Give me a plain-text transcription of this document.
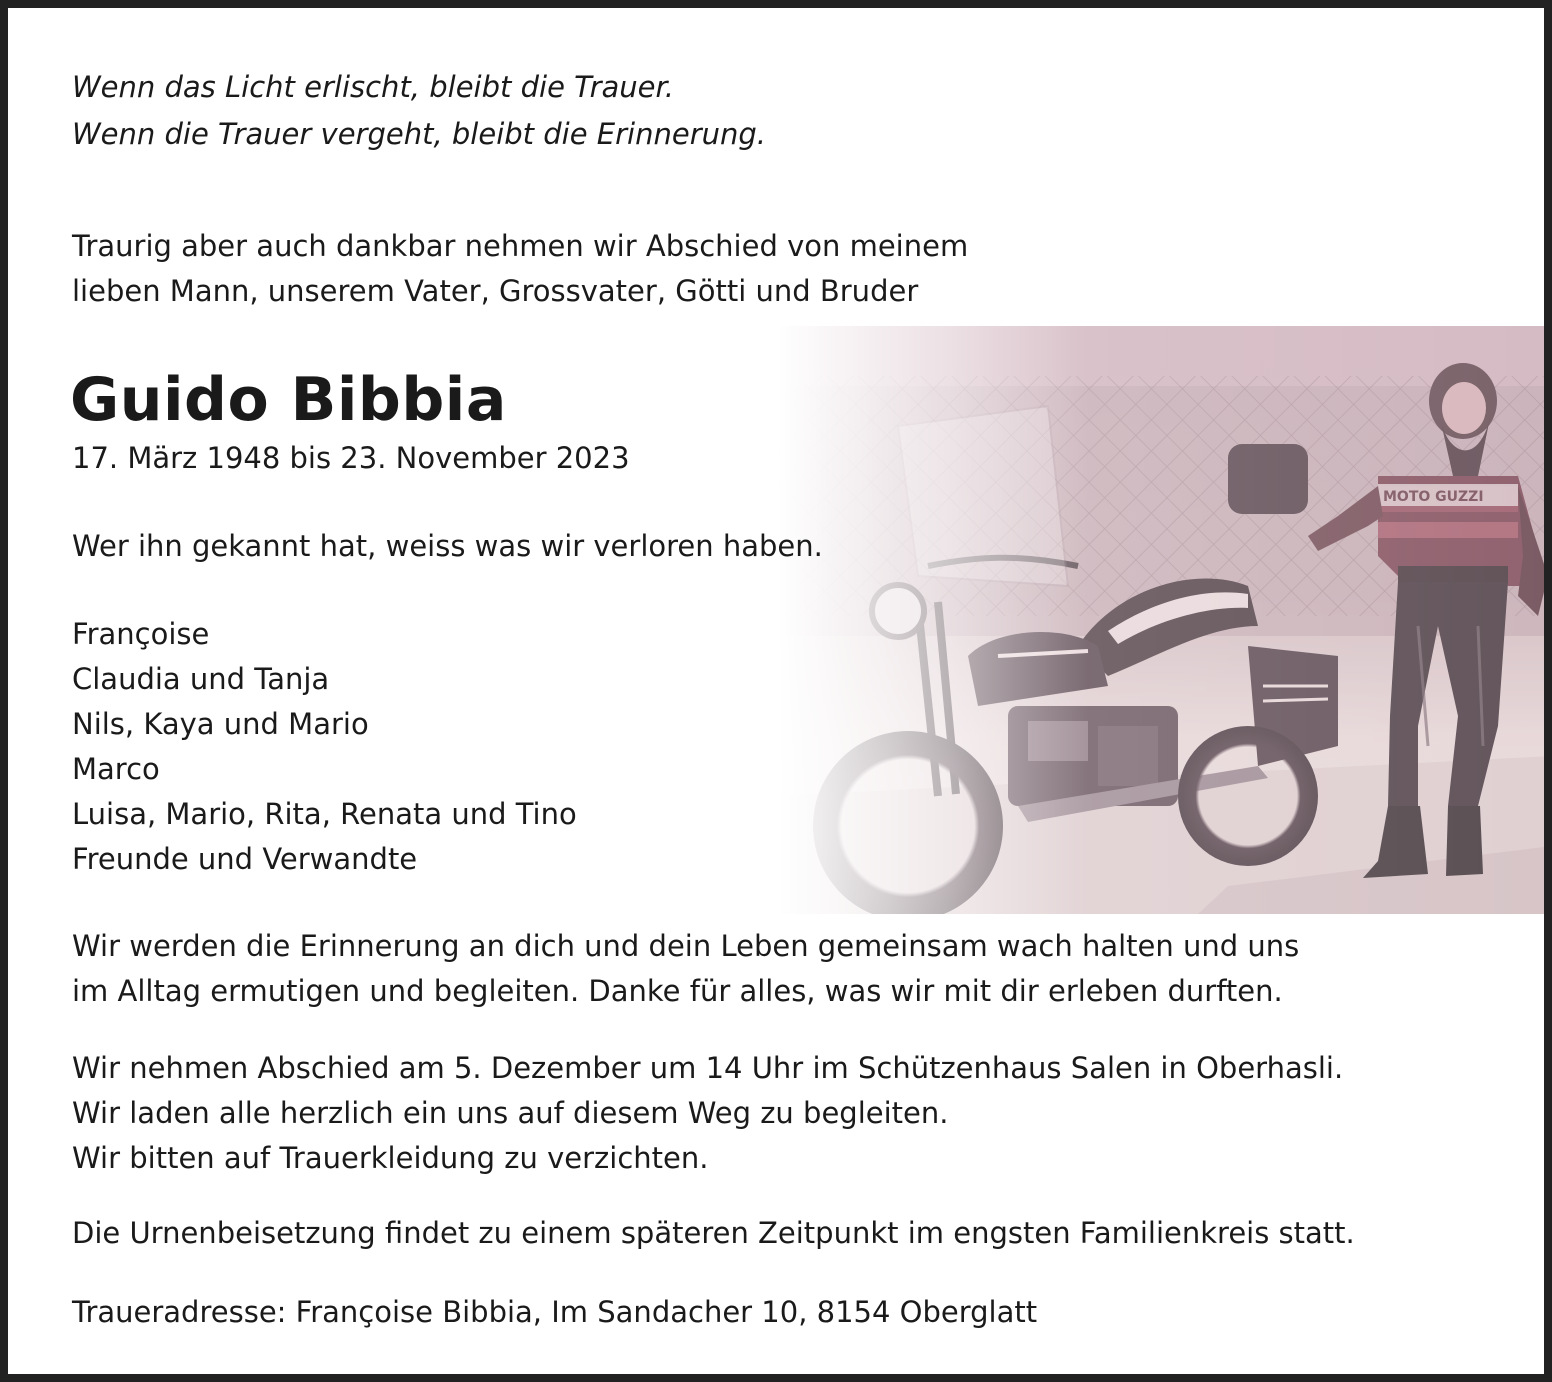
Wenn das Licht erlischt, bleibt die Trauer.
Wenn die Trauer vergeht, bleibt die Erinnerung.
Traurig aber auch dankbar nehmen wir Abschied von meinem
lieben Mann, unserem Vater, Grossvater, Götti und Bruder
Guido Bibbia
17. März 1948 bis 23. November 2023
Wer ihn gekannt hat, weiss was wir verloren haben.
Françoise
Claudia und Tanja
Nils, Kaya und Mario
Marco
Luisa, Mario, Rita, Renata und Tino
Freunde und Verwandte
Wir werden die Erinnerung an dich und dein Leben gemeinsam wach halten und uns
im Alltag ermutigen und begleiten. Danke für alles, was wir mit dir erleben durften.
Wir nehmen Abschied am 5. Dezember um 14 Uhr im Schützenhaus Salen in Oberhasli.
Wir laden alle herzlich ein uns auf diesem Weg zu begleiten.
Wir bitten auf Trauerkleidung zu verzichten.
Die Urnenbeisetzung findet zu einem späteren Zeitpunkt im engsten Familienkreis statt.
Traueradresse: Françoise Bibbia, Im Sandacher 10, 8154 Oberglatt
